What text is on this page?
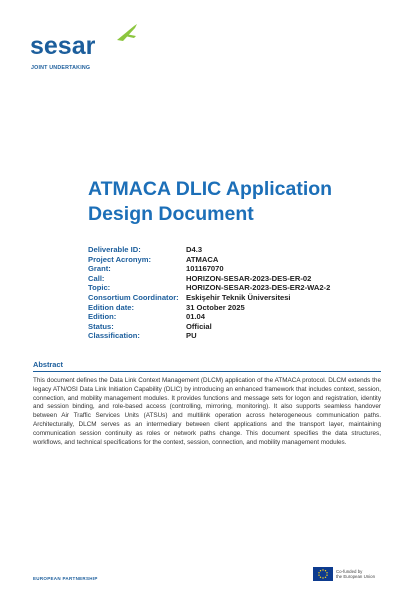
sesar
JOINT UNDERTAKING
ATMACA DLIC Application Design Document
Deliverable ID:	D4.3
Project Acronym:	ATMACA
Grant:	101167070
Call:	HORIZON-SESAR-2023-DES-ER-02
Topic:	HORIZON-SESAR-2023-DES-ER2-WA2-2
Consortium Coordinator: Eskişehir Teknik Üniversitesi
Edition date:	31 October 2025
Edition:	01.04
Status:	Official
Classification:	PU
Abstract
This document defines the Data Link Context Management (DLCM) application of the ATMACA protocol. DLCM extends the legacy ATN/OSI Data Link Initiation Capability (DLIC) by introducing an enhanced framework that includes context, session, connection, and mobility management modules. It provides functions and message sets for logon and registration, identity and session binding, and role-based access (controlling, mirroring, monitoring). It also supports seamless handover between Air Traffic Services Units (ATSUs) and multilink operation across heterogeneous communication paths. Architecturally, DLCM serves as an intermediary between client applications and the transport layer, maintaining communication session continuity as roles or network paths change. This document specifies the data structures, workflows, and technical specifications for the context, session, connection, and mobility management modules.
EUROPEAN PARTNERSHIP
Co-funded by
the European Union
